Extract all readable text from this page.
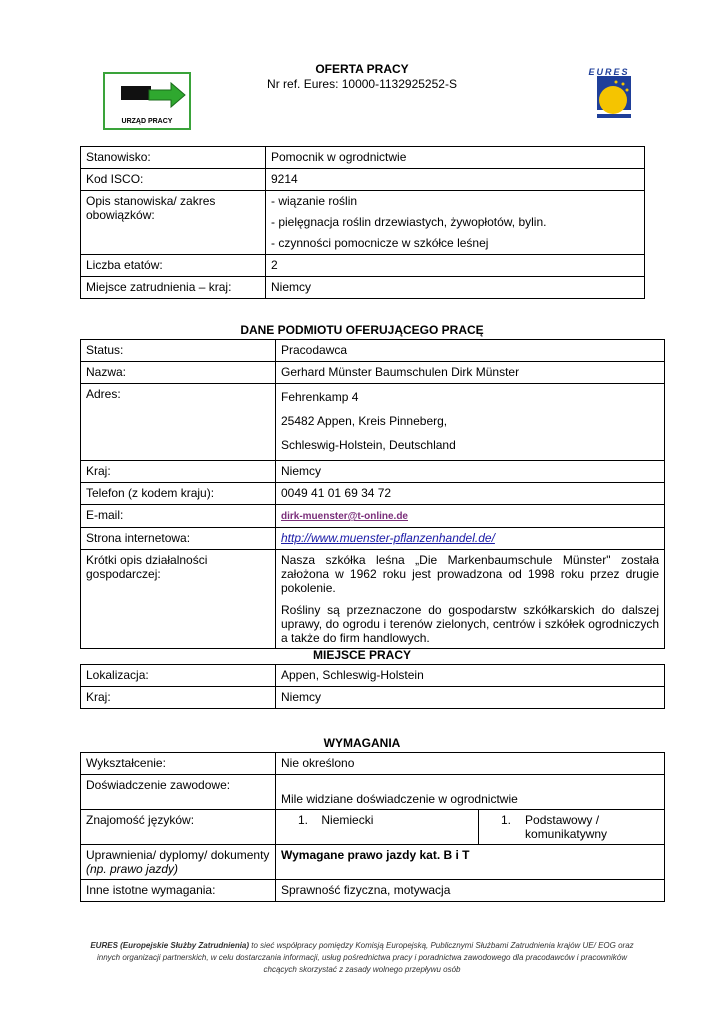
URZĄD PRACY
EURES
OFERTA PRACY
Nr ref. Eures: 10000-1132925252-S
Stanowisko:	Pomocnik w ogrodnictwie
Kod ISCO:	9214
Opis stanowiska/ zakres obowiązków:	- wiązanie roślin
- pielęgnacja roślin drzewiastych, żywopłotów, bylin.
- czynności pomocnicze w szkółce leśnej

Liczba etatów:	2
Miejsce zatrudnienia – kraj:	Niemcy
DANE PODMIOTU OFERUJĄCEGO PRACĘ
Status:	Pracodawca
Nazwa:	Gerhard Münster Baumschulen Dirk Münster
Adres:	Fehrenkamp 4
25482 Appen, Kreis Pinneberg,
Schleswig-Holstein, Deutschland

Kraj:	Niemcy
Telefon (z kodem kraju):	0049 41 01 69 34 72
E-mail:	dirk-muenster@t-online.de
Strona internetowa:	http://www.muenster-pflanzenhandel.de/
Krótki opis działalności gospodarczej:	Nasza szkółka leśna „Die Markenbaumschule Münster" została założona w 1962 roku jest prowadzona od 1998 roku przez drugie pokolenie.

Rośliny są przeznaczone do gospodarstw szkółkarskich do dalszej uprawy, do ogrodu i terenów zielonych, centrów i szkółek ogrodniczych a także do firm handlowych.

MIEJSCE PRACY
Lokalizacja:	Appen, Schleswig-Holstein
Kraj:	Niemcy
WYMAGANIA
Wykształcenie:	Nie określono	
Doświadczenie zawodowe:	Mile widziane doświadczenie w ogrodnictwie	
Znajomość języków:	1. Niemiecki	1. Podstawowy / komunikatywny

Uprawnienia/ dyplomy/ dokumenty
(np. prawo jazdy)	Wymagane prawo jazdy kat. B i T	
Inne istotne wymagania:	Sprawność fizyczna, motywacja	
EURES (Europejskie Służby Zatrudnienia) to sieć współpracy pomiędzy Komisją Europejską, Publicznymi Służbami Zatrudnienia krajów UE/ EOG oraz innych organizacji partnerskich, w celu dostarczania informacji, usług pośrednictwa pracy i poradnictwa zawodowego dla pracodawców i pracowników chcących skorzystać z zasady wolnego przepływu osób
